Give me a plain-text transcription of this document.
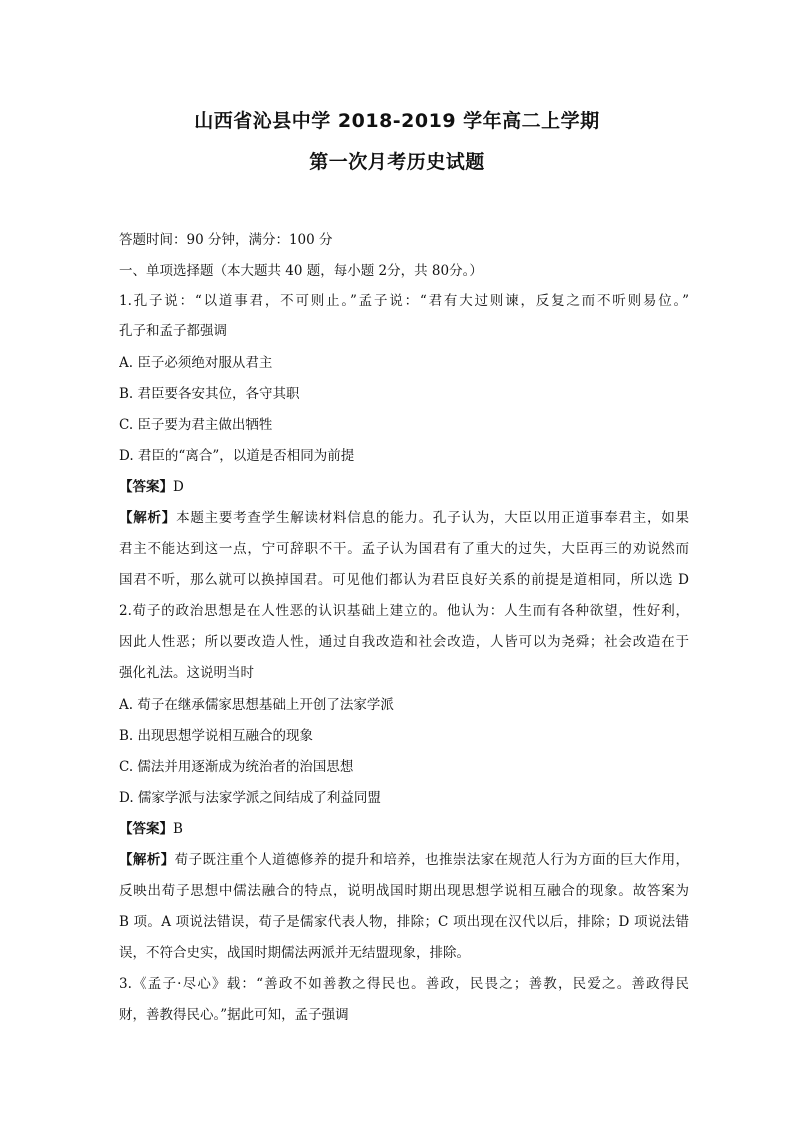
山西省沁县中学 2018-2019 学年高二上学期
第一次月考历史试题
答题时间：90 分钟，满分：100 分
一、单项选择题（本大题共 40 题，每小题 2分，共 80分。）
1.孔子说：“以道事君，不可则止。”孟子说：“君有大过则谏，反复之而不听则易位。”
孔子和孟子都强调
A. 臣子必须绝对服从君主
B. 君臣要各安其位，各守其职
C. 臣子要为君主做出牺牲
D. 君臣的“离合”，以道是否相同为前提
【答案】D
【解析】本题主要考查学生解读材料信息的能力。孔子认为，大臣以用正道事奉君主，如果
君主不能达到这一点，宁可辞职不干。孟子认为国君有了重大的过失，大臣再三的劝说然而
国君不听，那么就可以换掉国君。可见他们都认为君臣良好关系的前提是道相同，所以选 D
2.荀子的政治思想是在人性恶的认识基础上建立的。他认为：人生而有各种欲望，性好利，
因此人性恶；所以要改造人性，通过自我改造和社会改造，人皆可以为尧舜；社会改造在于
强化礼法。这说明当时
A. 荀子在继承儒家思想基础上开创了法家学派
B. 出现思想学说相互融合的现象
C. 儒法并用逐渐成为统治者的治国思想
D. 儒家学派与法家学派之间结成了利益同盟
【答案】B
【解析】荀子既注重个人道德修养的提升和培养，也推崇法家在规范人行为方面的巨大作用，
反映出荀子思想中儒法融合的特点，说明战国时期出现思想学说相互融合的现象。故答案为
B 项。A 项说法错误，荀子是儒家代表人物，排除；C 项出现在汉代以后，排除；D 项说法错
误，不符合史实，战国时期儒法两派并无结盟现象，排除。
3.《孟子·尽心》载：“善政不如善教之得民也。善政，民畏之；善教，民爱之。善政得民
财，善教得民心。”据此可知，孟子强调
